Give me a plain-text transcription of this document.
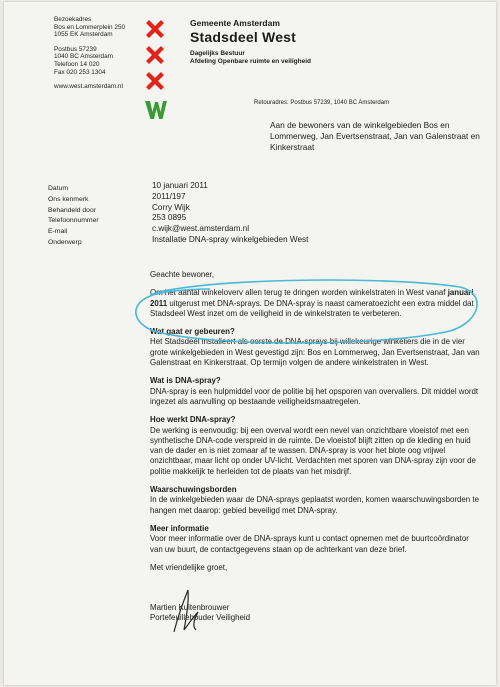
Bezoekadres
Bos en Lommerplein 250
1055 EK Amsterdam
Postbus 57239
1040 BC Amsterdam
Telefoon 14 020
Fax 020 253 1304
www.west.amsterdam.nl
Gemeente Amsterdam
Stadsdeel West
Dagelijks Bestuur
Afdeling Openbare ruimte en veiligheid
Retouradres: Postbus 57239, 1040 BC Amsterdam
Aan de bewoners van de winkelgebieden Bos en
Lommerweg, Jan Evertsenstraat, Jan van Galenstraat en
Kinkerstraat
Datum
Ons kenmerk
Behandeld door
Telefoonnummer
E-mail
Onderwerp
10 januari 2011
2011/197
Corry Wijk
253 0895
c.wijk@west.amsterdam.nl
Installatie DNA-spray winkelgebieden West

Geachte bewoner,

Om het aantal winkeloverv allen terug te dringen worden winkelstraten in West vanaf januari 2011 uitgerust met DNA-sprays. De DNA-spray is naast cameratoezicht een extra middel dat Stadsdeel West inzet om de veiligheid in de winkelstraten te verbeteren.

Wat gaat er gebeuren?
Het Stadsdeel installeert als eerste de DNA-sprays bij willekeurige winkeliers die in de vier grote winkelgebieden in West gevestigd zijn: Bos en Lommerweg, Jan Evertsenstraat, Jan van Galenstraat en Kinkerstraat. Op termijn volgen de andere winkelstraten in West.
Wat is DNA-spray?
DNA-spray is een hulpmiddel voor de politie bij het opsporen van overvallers. Dit middel wordt ingezet als aanvulling op bestaande veiligheidsmaatregelen.
Hoe werkt DNA-spray?
De werking is eenvoudig: bij een overval wordt een nevel van onzichtbare vloeistof met een synthetische DNA-code verspreid in de ruimte. De vloeistof blijft zitten op de kleding en huid van de dader en is niet zomaar af te wassen. DNA-spray is voor het blote oog vrijwel onzichtbaar, maar licht op onder UV-licht. Verdachten met sporen van DNA-spray zijn voor de politie makkelijk te herleiden tot de plaats van het misdrijf.
Waarschuwingsborden
In de winkelgebieden waar de DNA-sprays geplaatst worden, komen waarschuwingsborden te hangen met daarop: gebied beveiligd met DNA-spray.
Meer informatie
Voor meer informatie over de DNA-sprays kunt u contact opnemen met de buurtcoördinator van uw buurt, de contactgegevens staan op de achterkant van deze brief.
Met vriendelijke groet,
Martien Kuitenbrouwer
Portefeuillehouder Veiligheid
